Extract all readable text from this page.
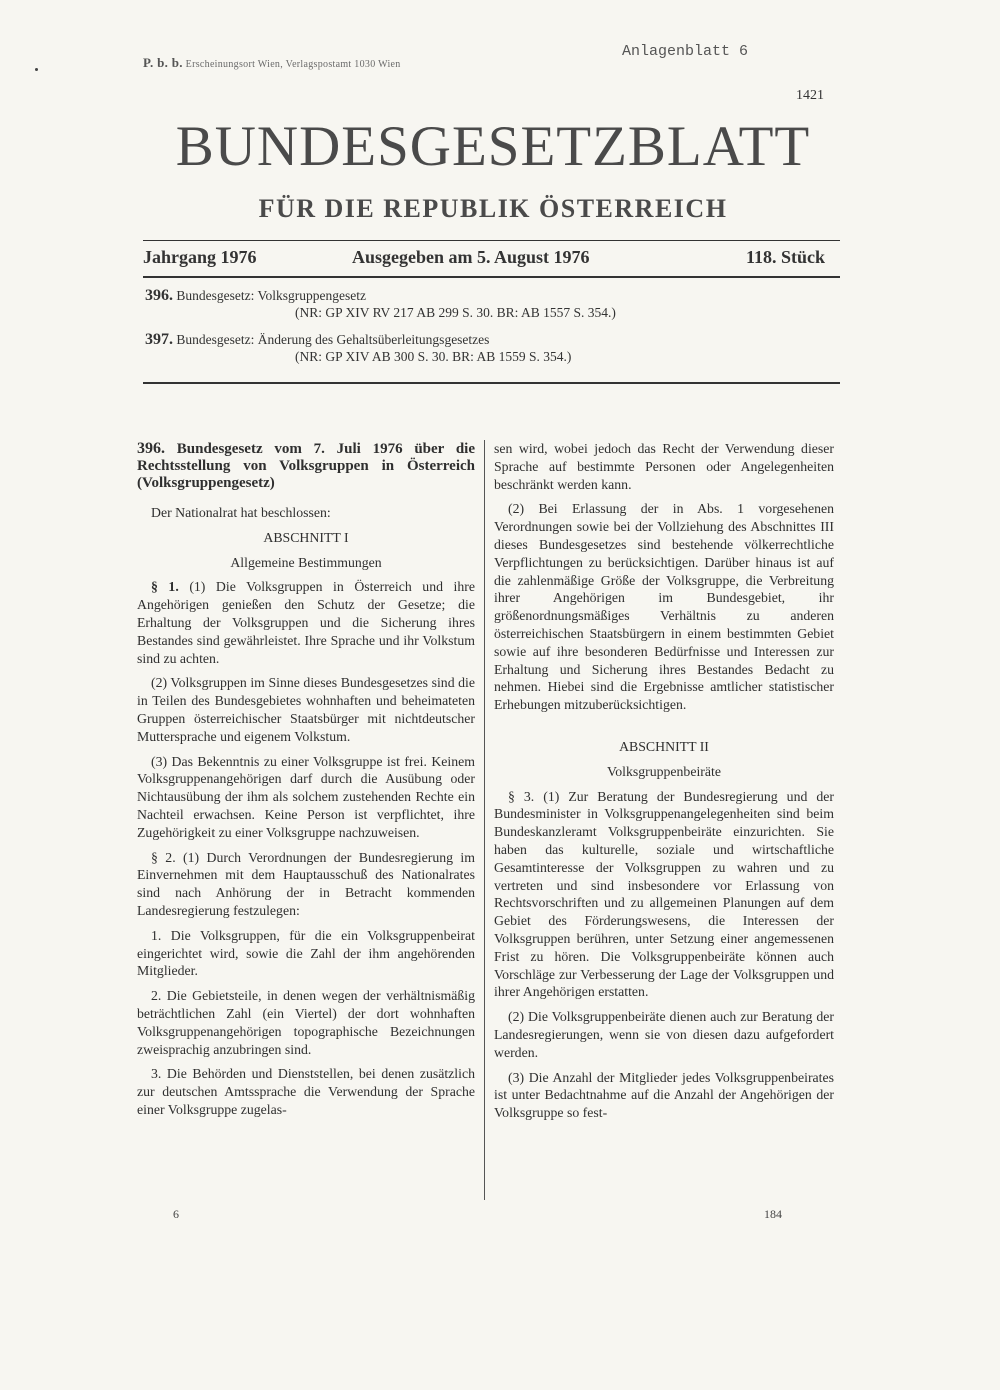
P. b. b. Erscheinungsort Wien, Verlagspostamt 1030 Wien
Anlagenblatt 6
1421
BUNDESGESETZBLATT
FÜR DIE REPUBLIK ÖSTERREICH
Jahrgang 1976	Ausgegeben am 5. August 1976	118. Stück
396. Bundesgesetz: Volksgruppengesetz
(NR: GP XIV RV 217 AB 299 S. 30. BR: AB 1557 S. 354.)
397. Bundesgesetz: Änderung des Gehaltsüberleitungsgesetzes
(NR: GP XIV AB 300 S. 30. BR: AB 1559 S. 354.)

396. Bundesgesetz vom 7. Juli 1976 über die Rechtsstellung von Volksgruppen in Österreich (Volksgruppengesetz)

Der Nationalrat hat beschlossen:

ABSCHNITT I

Allgemeine Bestimmungen

§ 1. (1) Die Volksgruppen in Österreich und ihre Angehörigen genießen den Schutz der Gesetze; die Erhaltung der Volksgruppen und die Sicherung ihres Bestandes sind gewährleistet. Ihre Sprache und ihr Volkstum sind zu achten.

(2) Volksgruppen im Sinne dieses Bundesgesetzes sind die in Teilen des Bundesgebietes wohnhaften und beheimateten Gruppen österreichischer Staatsbürger mit nichtdeutscher Muttersprache und eigenem Volkstum.

(3) Das Bekenntnis zu einer Volksgruppe ist frei. Keinem Volksgruppenangehörigen darf durch die Ausübung oder Nichtausübung der ihm als solchem zustehenden Rechte ein Nachteil erwachsen. Keine Person ist verpflichtet, ihre Zugehörigkeit zu einer Volksgruppe nachzuweisen.

§ 2. (1) Durch Verordnungen der Bundesregierung im Einvernehmen mit dem Hauptausschuß des Nationalrates sind nach Anhörung der in Betracht kommenden Landesregierung festzulegen:

1. Die Volksgruppen, für die ein Volksgruppenbeirat eingerichtet wird, sowie die Zahl der ihm angehörenden Mitglieder.

2. Die Gebietsteile, in denen wegen der verhältnismäßig beträchtlichen Zahl (ein Viertel) der dort wohnhaften Volksgruppenangehörigen topographische Bezeichnungen zweisprachig anzubringen sind.

3. Die Behörden und Dienststellen, bei denen zusätzlich zur deutschen Amtssprache die Verwendung der Sprache einer Volksgruppe zugelas-

sen wird, wobei jedoch das Recht der Verwendung dieser Sprache auf bestimmte Personen oder Angelegenheiten beschränkt werden kann.

(2) Bei Erlassung der in Abs. 1 vorgesehenen Verordnungen sowie bei der Vollziehung des Abschnittes III dieses Bundesgesetzes sind bestehende völkerrechtliche Verpflichtungen zu berücksichtigen. Darüber hinaus ist auf die zahlenmäßige Größe der Volksgruppe, die Verbreitung ihrer Angehörigen im Bundesgebiet, ihr größenordnungsmäßiges Verhältnis zu anderen österreichischen Staatsbürgern in einem bestimmten Gebiet sowie auf ihre besonderen Bedürfnisse und Interessen zur Erhaltung und Sicherung ihres Bestandes Bedacht zu nehmen. Hiebei sind die Ergebnisse amtlicher statistischer Erhebungen mitzuberücksichtigen.

ABSCHNITT II

Volksgruppenbeiräte

§ 3. (1) Zur Beratung der Bundesregierung und der Bundesminister in Volksgruppenangelegenheiten sind beim Bundeskanzleramt Volksgruppenbeiräte einzurichten. Sie haben das kulturelle, soziale und wirtschaftliche Gesamtinteresse der Volksgruppen zu wahren und zu vertreten und sind insbesondere vor Erlassung von Rechtsvorschriften und zu allgemeinen Planungen auf dem Gebiet des Förderungswesens, die Interessen der Volksgruppen berühren, unter Setzung einer angemessenen Frist zu hören. Die Volksgruppenbeiräte können auch Vorschläge zur Verbesserung der Lage der Volksgruppen und ihrer Angehörigen erstatten.

(2) Die Volksgruppenbeiräte dienen auch zur Beratung der Landesregierungen, wenn sie von diesen dazu aufgefordert werden.

(3) Die Anzahl der Mitglieder jedes Volksgruppenbeirates ist unter Bedachtnahme auf die Anzahl der Angehörigen der Volksgruppe so fest-

6	184
